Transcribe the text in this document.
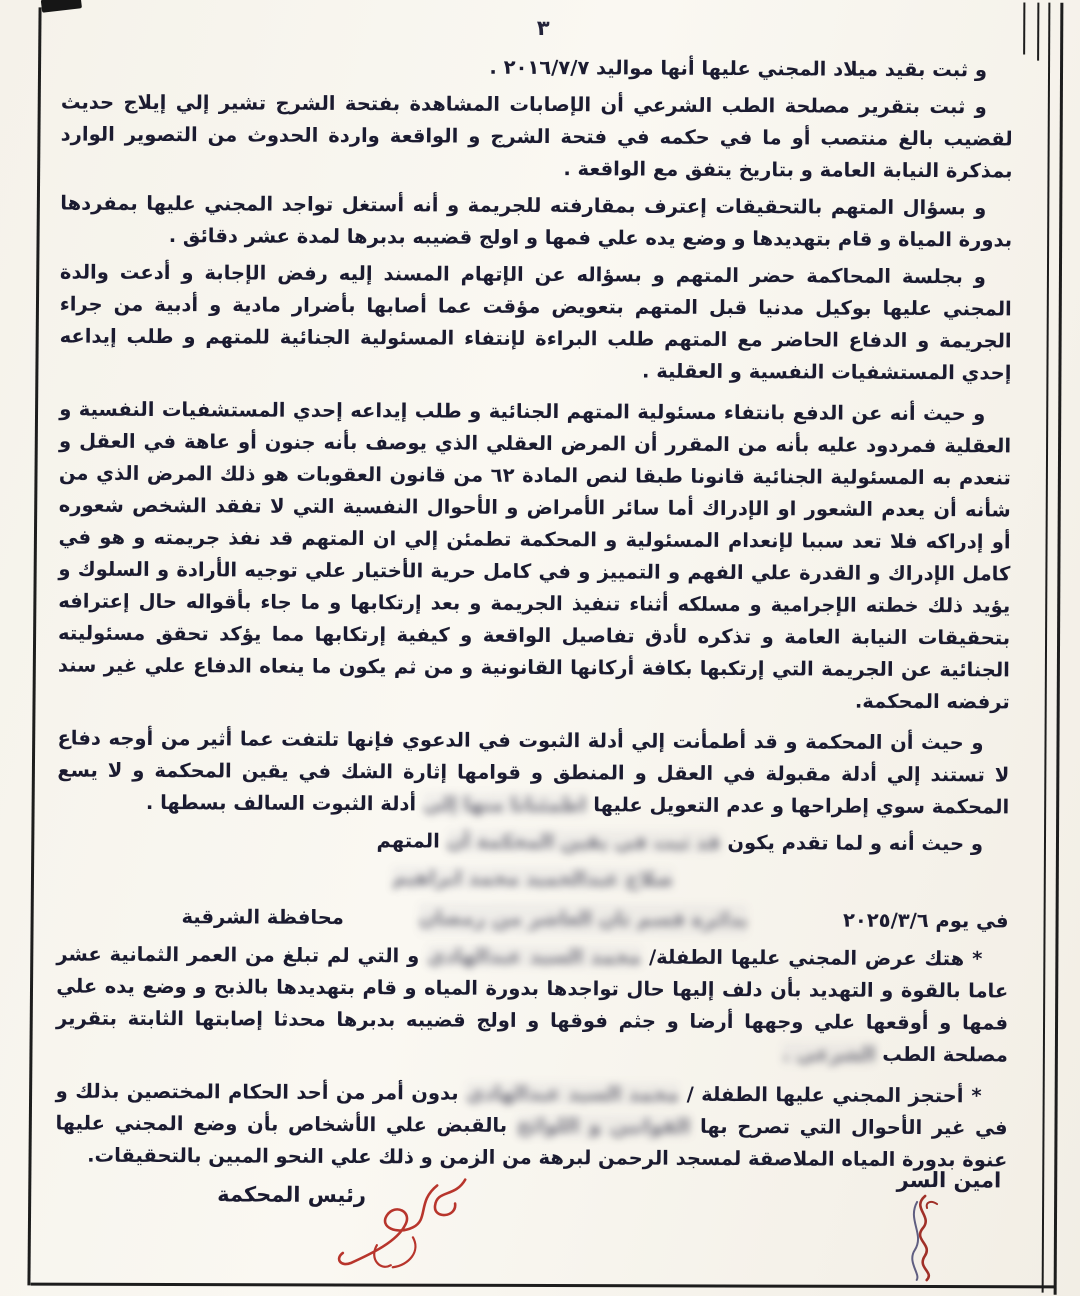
٣

و ثبت بقيد ميلاد المجني عليها أنها مواليد ٢٠١٦/٧/٧ .

و ثبت بتقرير مصلحة الطب الشرعي أن الإصابات المشاهدة بفتحة الشرج تشير إلي إيلاج حديث لقضيب بالغ منتصب أو ما في حكمه في فتحة الشرج و الواقعة واردة الحدوث من التصوير الوارد بمذكرة النيابة العامة و بتاريخ يتفق مع الواقعة .

و بسؤال المتهم بالتحقيقات إعترف بمقارفته للجريمة و أنه أستغل تواجد المجني عليها بمفردها بدورة المياة و قام بتهديدها و وضع يده علي فمها و اولج قضيبه بدبرها لمدة عشر دقائق .

و بجلسة المحاكمة حضر المتهم و بسؤاله عن الإتهام المسند إليه رفض الإجابة و أدعت والدة المجني عليها بوكيل مدنيا قبل المتهم بتعويض مؤقت عما أصابها بأضرار مادية و أدبية من جراء الجريمة و الدفاع الحاضر مع المتهم طلب البراءة لإنتفاء المسئولية الجنائية للمتهم و طلب إيداعه إحدي المستشفيات النفسية و العقلية .

و حيث أنه عن الدفع بانتفاء مسئولية المتهم الجنائية و طلب إيداعه إحدي المستشفيات النفسية و العقلية فمردود عليه بأنه من المقرر أن المرض العقلي الذي يوصف بأنه جنون أو عاهة في العقل و تنعدم به المسئولية الجنائية قانونا طبقا لنص المادة ٦٢ من قانون العقوبات هو ذلك المرض الذي من شأنه أن يعدم الشعور او الإدراك أما سائر الأمراض و الأحوال النفسية التي لا تفقد الشخص شعوره أو إدراكه فلا تعد سببا لإنعدام المسئولية و المحكمة تطمئن إلي ان المتهم قد نفذ جريمته و هو في كامل الإدراك و القدرة علي الفهم و التمييز و في كامل حرية الأختيار علي توجيه الأرادة و السلوك و يؤيد ذلك خطته الإجرامية و مسلكه أثناء تنفيذ الجريمة و بعد إرتكابها و ما جاء بأقواله حال إعترافه بتحقيقات النيابة العامة و تذكره لأدق تفاصيل الواقعة و كيفية إرتكابها مما يؤكد تحقق مسئوليته الجنائية عن الجريمة التي إرتكبها بكافة أركانها القانونية و من ثم يكون ما ينعاه الدفاع علي غير سند ترفضه المحكمة.

و حيث أن المحكمة و قد أطمأنت إلي أدلة الثبوت في الدعوي فإنها تلتفت عما أثير من أوجه دفاع لا تستند إلي أدلة مقبولة في العقل و المنطق و قوامها إثارة الشك في يقين المحكمة و لا يسع المحكمة سوي إطراحها و عدم التعويل عليها اطمئنانا منها إلي أدلة الثبوت السالف بسطها .

و حيث أنه و لما تقدم يكون قد ثبت في يقين المحكمة أن المتهم

صلاح عبدالحميد محمد ابراهيم

في يوم ٢٠٢٥/٣/٦
بدائرة قسم ثان العاشر من رمضان
محافظة الشرقية

*هتك عرض المجني عليها الطفلة/ محمد السيد عبدالهادي و التي لم تبلغ من العمر الثمانية عشر عاما بالقوة و التهديد بأن دلف إليها حال تواجدها بدورة المياه و قام بتهديدها بالذبح و وضع يده علي فمها و أوقعها علي وجهها أرضا و جثم فوقها و اولج قضيبه بدبرها محدثا إصابتها الثابتة بتقرير مصلحة الطب الشرعي .

*أحتجز المجني عليها الطفلة / محمد السيد عبدالهادي بدون أمر من أحد الحكام المختصين بذلك و في غير الأحوال التي تصرح بها القوانين و اللوائح بالقبض علي الأشخاص بأن وضع المجني عليها عنوة بدورة المياه الملاصقة لمسجد الرحمن لبرهة من الزمن و ذلك علي النحو المبين بالتحقيقات.

امين السر
رئيس المحكمة
